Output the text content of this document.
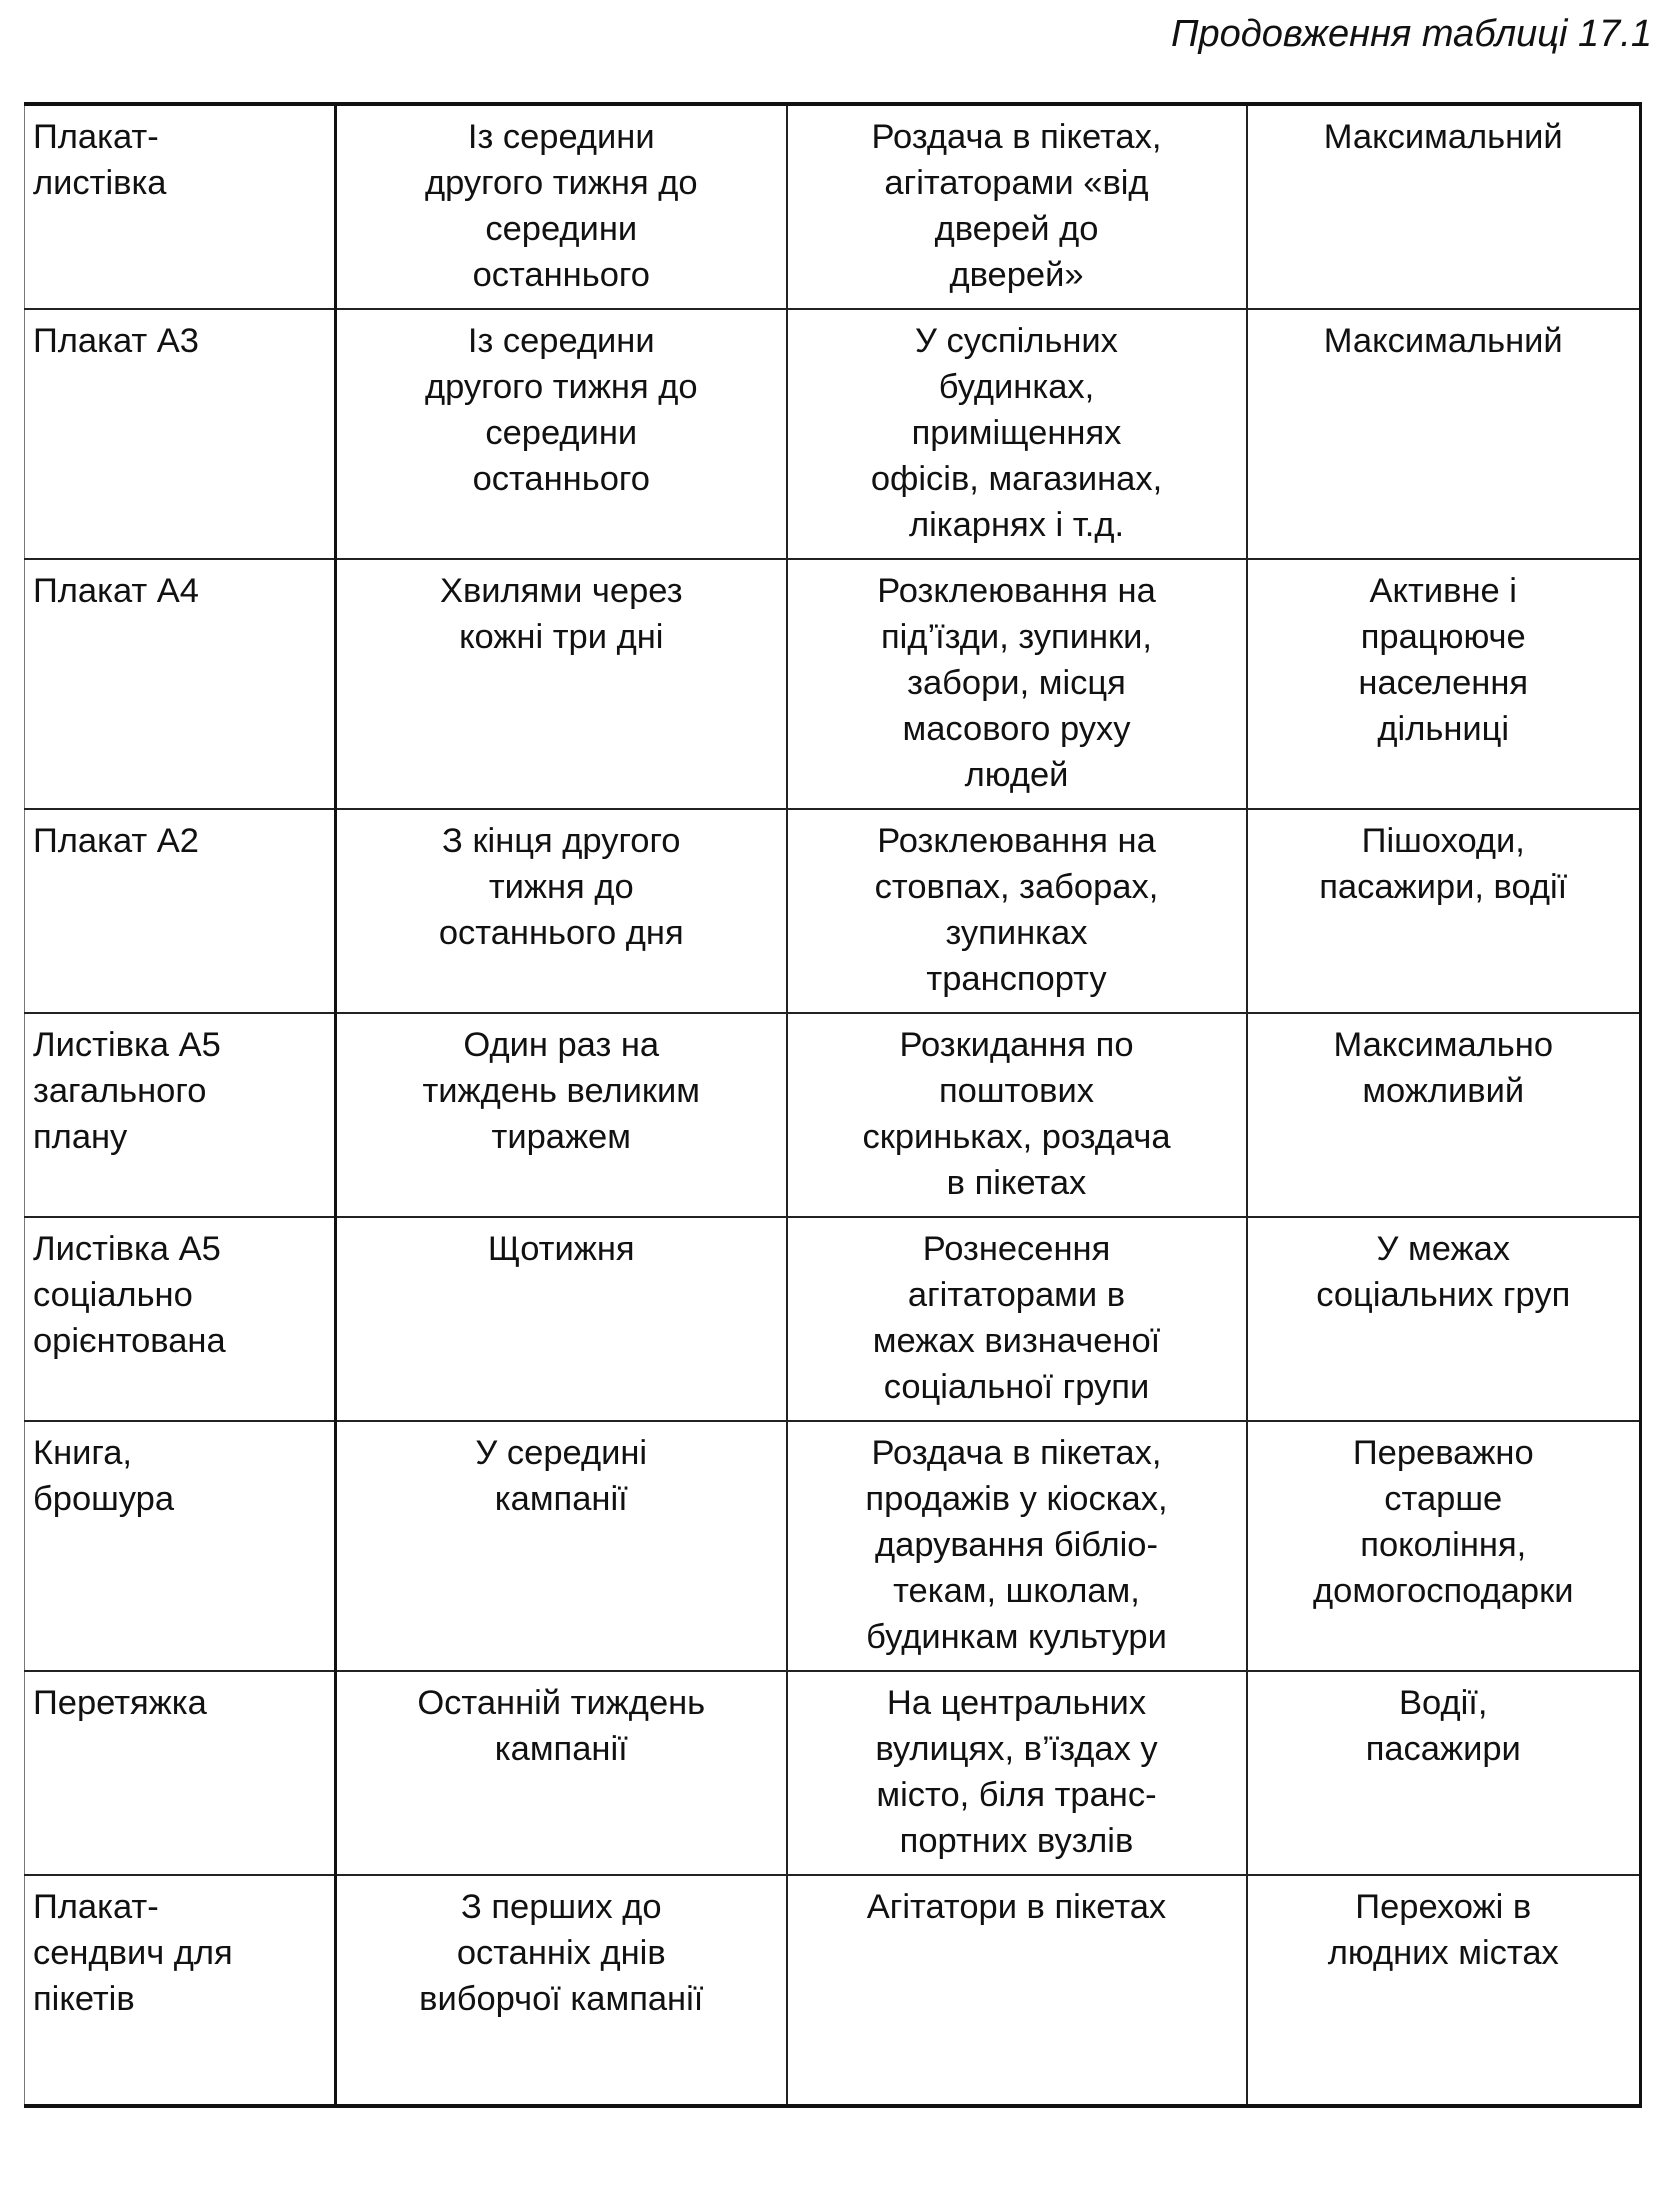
Продовження таблиці 17.1
Плакат-
листівка	Із середини
другого тижня до
середини
останнього	Роздача в пікетах,
агітаторами «від
дверей до
дверей»	Максимальний

Плакат А3	Із середини
другого тижня до
середини
останнього	У суспільних
будинках,
приміщеннях
офісів, магазинах,
лікарнях і т.д.	Максимальний

Плакат А4	Хвилями через
кожні три дні	Розклеювання на
під’їзди, зупинки,
забори, місця
масового руху
людей	Активне і
працююче
населення
дільниці

Плакат А2	З кінця другого
тижня до
останнього дня	Розклеювання на
стовпах, заборах,
зупинках
транспорту	Пішоходи,
пасажири, водії

Листівка А5
загального
плану	Один раз на
тиждень великим
тиражем	Розкидання по
поштових
скриньках, роздача
в пікетах	Максимально
можливий

Листівка А5
соціально
орієнтована	Щотижня	Рознесення
агітаторами в
межах визначеної
соціальної групи	У межах
соціальних груп

Книга,
брошура	У середині
кампанії	Роздача в пікетах,
продажів у кіосках,
дарування бібліо-
текам, школам,
будинкам культури	Переважно
старше
покоління,
домогосподарки

Перетяжка	Останній тиждень
кампанії	На центральних
вулицях, в’їздах у
місто, біля транс-
портних вузлів	Водії,
пасажири

Плакат-
сендвич для
пікетів	З перших до
останніх днів
виборчої кампанії	Агітатори в пікетах	Перехожі в
людних містах
